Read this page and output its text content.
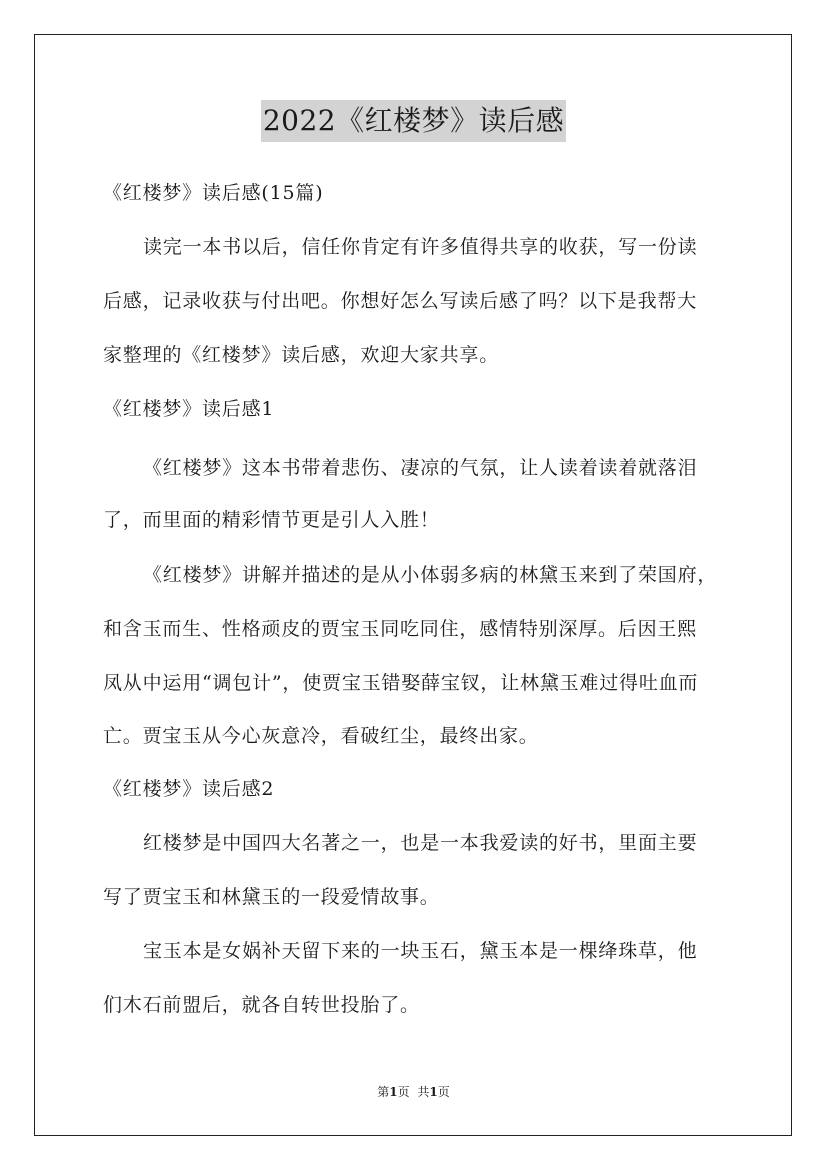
2022《红楼梦》读后感
《红楼梦》读后感(15篇)
读完一本书以后，信任你肯定有许多值得共享的收获，写一份读
后感，记录收获与付出吧。你想好怎么写读后感了吗？以下是我帮大
家整理的《红楼梦》读后感，欢迎大家共享。
《红楼梦》读后感1
《红楼梦》这本书带着悲伤、凄凉的气氛，让人读着读着就落泪
了，而里面的精彩情节更是引人入胜！
《红楼梦》讲解并描述的是从小体弱多病的林黛玉来到了荣国府，
和含玉而生、性格顽皮的贾宝玉同吃同住，感情特别深厚。后因王熙
凤从中运用“调包计”，使贾宝玉错娶薛宝钗，让林黛玉难过得吐血而
亡。贾宝玉从今心灰意冷，看破红尘，最终出家。
《红楼梦》读后感2
红楼梦是中国四大名著之一，也是一本我爱读的好书，里面主要
写了贾宝玉和林黛玉的一段爱情故事。
宝玉本是女娲补天留下来的一块玉石，黛玉本是一棵绛珠草，他
们木石前盟后，就各自转世投胎了。
第1页 共1页
